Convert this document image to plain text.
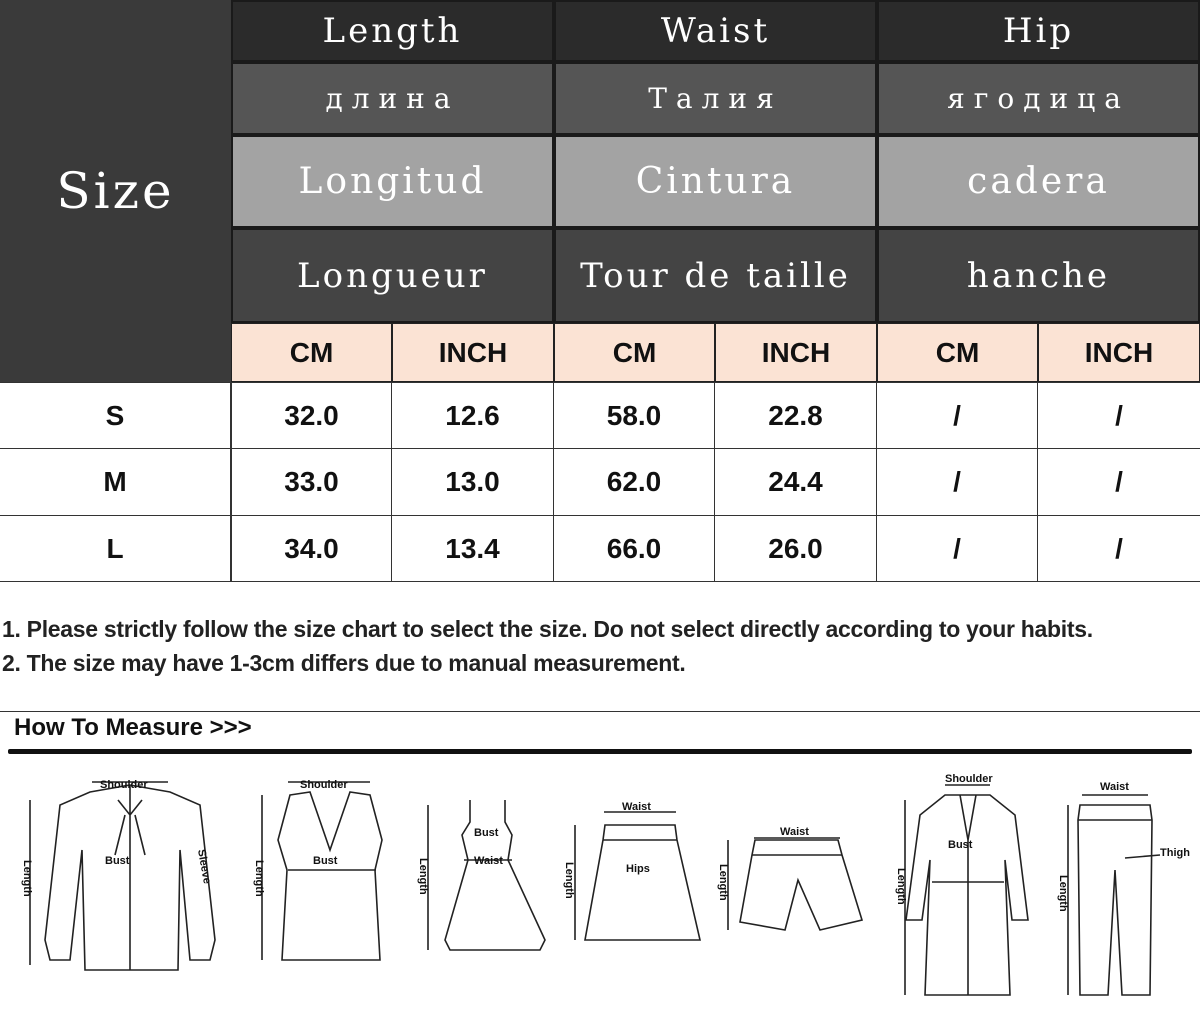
Size
Length	Waist	Hip
длина	Талия	ягодица
Longitud	Cintura	cadera
Longueur	Tour de taille	hanche
CM	INCH	CM	INCH	CM	INCH
S	32.0	12.6	58.0	22.8	/	/
M	33.0	13.0	62.0	24.4	/	/
L	34.0	13.4	66.0	26.0	/	/
1. Please strictly follow the size chart to select the size. Do not select directly according to your habits.
2. The size may have 1-3cm differs due to manual measurement.
How To Measure >>>
Shoulder
Bust	Sleeve
Length
Shoulder
Bust
Length
Bust
Waist
Length
Waist
Hips
Length
Waist
Length
Shoulder
Bust
Length
Waist
Thigh
Length
